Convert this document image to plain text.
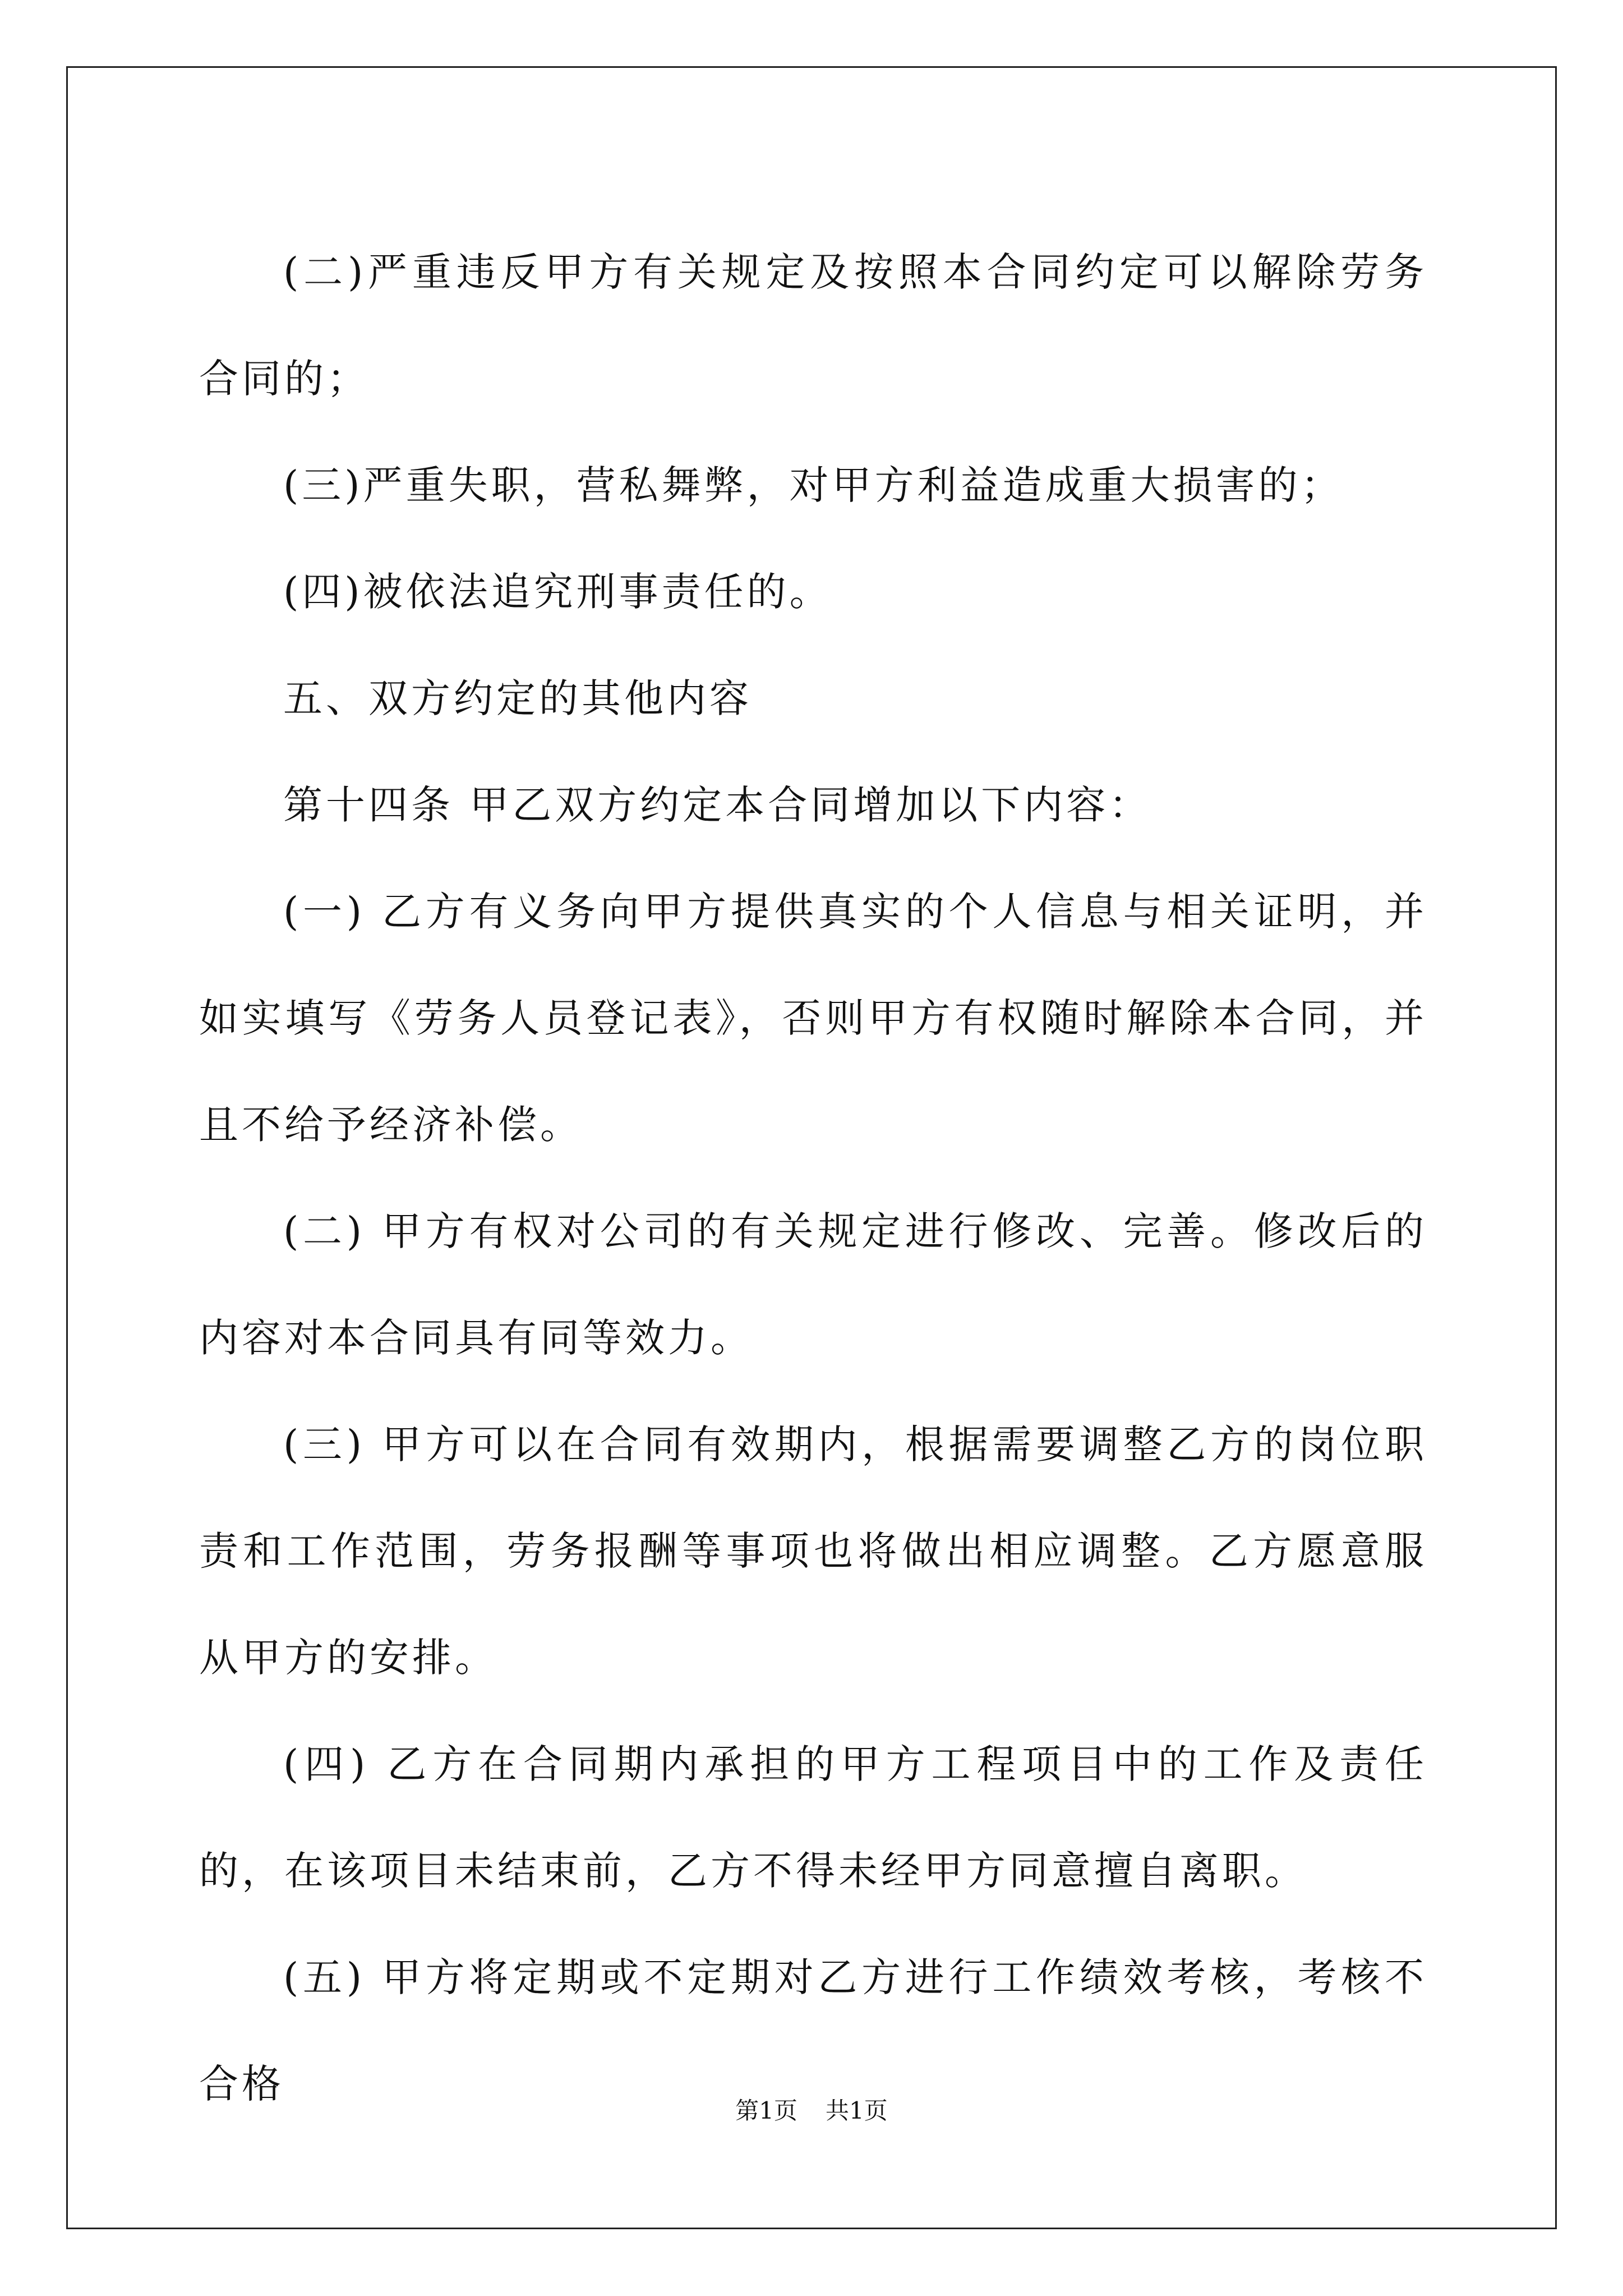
(二)严重违反甲方有关规定及按照本合同约定可以解除劳务合同的；

(三)严重失职，营私舞弊，对甲方利益造成重大损害的；

(四)被依法追究刑事责任的。

五、双方约定的其他内容

第十四条 甲乙双方约定本合同增加以下内容：

(一) 乙方有义务向甲方提供真实的个人信息与相关证明，并如实填写《劳务人员登记表》，否则甲方有权随时解除本合同，并且不给予经济补偿。

(二) 甲方有权对公司的有关规定进行修改、完善。修改后的内容对本合同具有同等效力。

(三) 甲方可以在合同有效期内，根据需要调整乙方的岗位职责和工作范围，劳务报酬等事项也将做出相应调整。乙方愿意服从甲方的安排。

(四) 乙方在合同期内承担的甲方工程项目中的工作及责任的，在该项目未结束前，乙方不得未经甲方同意擅自离职。

(五) 甲方将定期或不定期对乙方进行工作绩效考核，考核不合格

第1页 共1页
